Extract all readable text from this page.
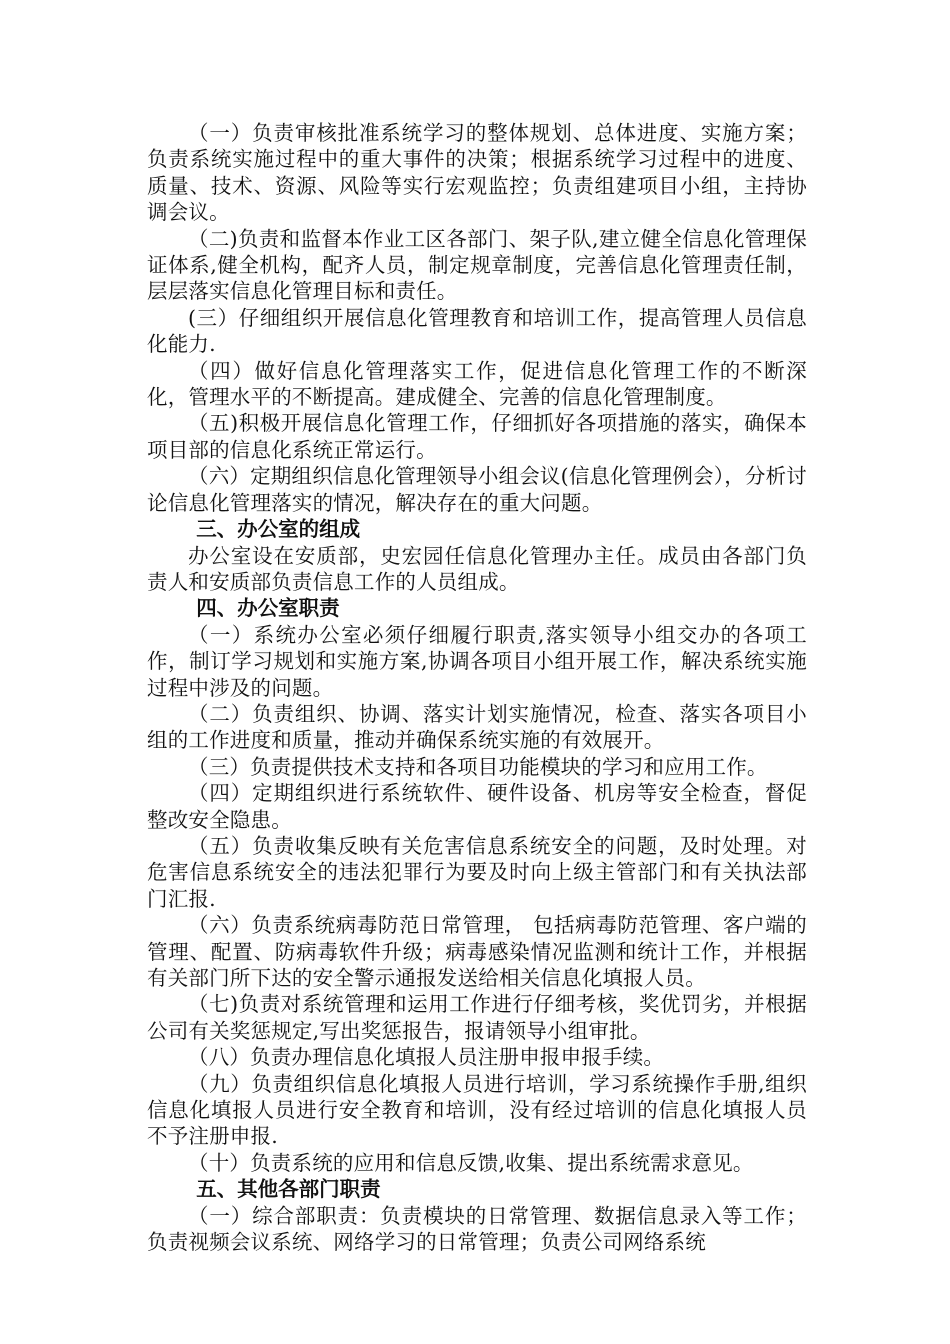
（一）负责审核批准系统学习的整体规划、总体进度、实施方案；负责系统实施过程中的重大事件的决策；根据系统学习过程中的进度、质量、技术、资源、风险等实行宏观监控；负责组建项目小组，主持协调会议。

（二)负责和监督本作业工区各部门、架子队,建立健全信息化管理保证体系,健全机构，配齐人员，制定规章制度，完善信息化管理责任制，层层落实信息化管理目标和责任。

(三）仔细组织开展信息化管理教育和培训工作，提高管理人员信息化能力.

（四）做好信息化管理落实工作，促进信息化管理工作的不断深化，管理水平的不断提高。建成健全、完善的信息化管理制度。

（五)积极开展信息化管理工作，仔细抓好各项措施的落实，确保本项目部的信息化系统正常运行。

（六）定期组织信息化管理领导小组会议(信息化管理例会），分析讨论信息化管理落实的情况，解决存在的重大问题。

三、办公室的组成

办公室设在安质部，史宏园任信息化管理办主任。成员由各部门负责人和安质部负责信息工作的人员组成。

四、办公室职责

（一）系统办公室必须仔细履行职责,落实领导小组交办的各项工作，制订学习规划和实施方案,协调各项目小组开展工作，解决系统实施过程中涉及的问题。

（二）负责组织、协调、落实计划实施情况，检查、落实各项目小组的工作进度和质量，推动并确保系统实施的有效展开。

（三）负责提供技术支持和各项目功能模块的学习和应用工作。

（四）定期组织进行系统软件、硬件设备、机房等安全检查，督促整改安全隐患。

（五）负责收集反映有关危害信息系统安全的问题，及时处理。对危害信息系统安全的违法犯罪行为要及时向上级主管部门和有关执法部门汇报.

（六）负责系统病毒防范日常管理， 包括病毒防范管理、客户端的管理、配置、防病毒软件升级；病毒感染情况监测和统计工作，并根据有关部门所下达的安全警示通报发送给相关信息化填报人员。

（七)负责对系统管理和运用工作进行仔细考核，奖优罚劣，并根据公司有关奖惩规定,写出奖惩报告，报请领导小组审批。

（八）负责办理信息化填报人员注册申报申报手续。

（九）负责组织信息化填报人员进行培训，学习系统操作手册,组织信息化填报人员进行安全教育和培训，没有经过培训的信息化填报人员不予注册申报.

（十）负责系统的应用和信息反馈,收集、提出系统需求意见。

五、其他各部门职责

（一）综合部职责：负责模块的日常管理、数据信息录入等工作；负责视频会议系统、网络学习的日常管理；负责公司网络系统
